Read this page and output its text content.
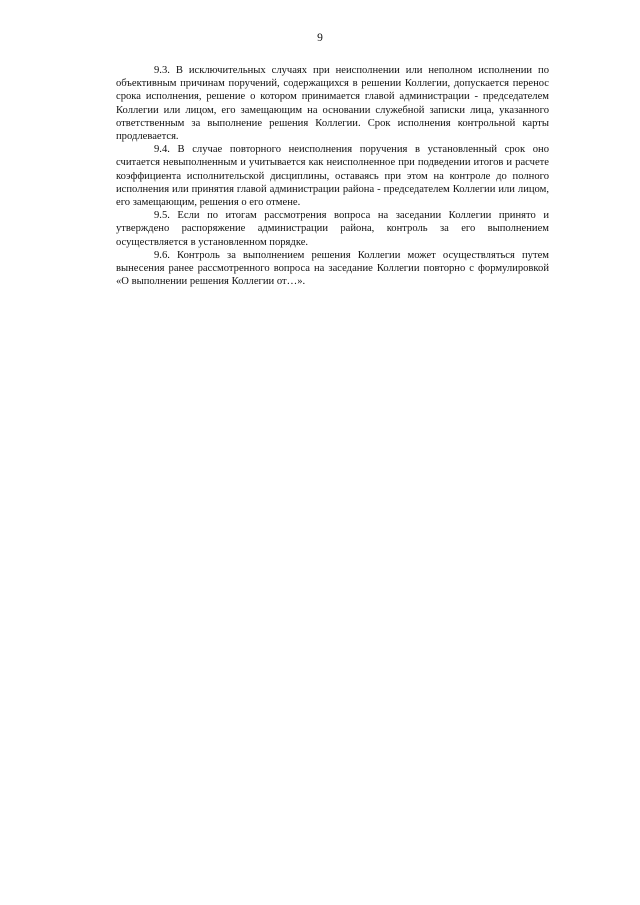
9

9.3. В исключительных случаях при неисполнении или неполном исполнении по объективным причинам поручений, содержащихся в решении Коллегии, допускается перенос срока исполнения, решение о котором принимается главой администрации - председателем Коллегии или лицом, его замещающим на основании служебной записки лица, указанного ответственным за выполнение решения Коллегии. Срок исполнения контрольной карты продлевается.

9.4. В случае повторного неисполнения поручения в установленный срок оно считается невыполненным и учитывается как неисполненное при подведении итогов и расчете коэффициента исполнительской дисциплины, оставаясь при этом на контроле до полного исполнения или принятия главой администрации района - председателем Коллегии или лицом, его замещающим, решения о его отмене.

9.5. Если по итогам рассмотрения вопроса на заседании Коллегии принято и утверждено распоряжение администрации района, контроль за его выполнением осуществляется в установленном порядке.

9.6. Контроль за выполнением решения Коллегии может осуществляться путем вынесения ранее рассмотренного вопроса на заседание Коллегии повторно с формулировкой «О выполнении решения Коллегии от…».
